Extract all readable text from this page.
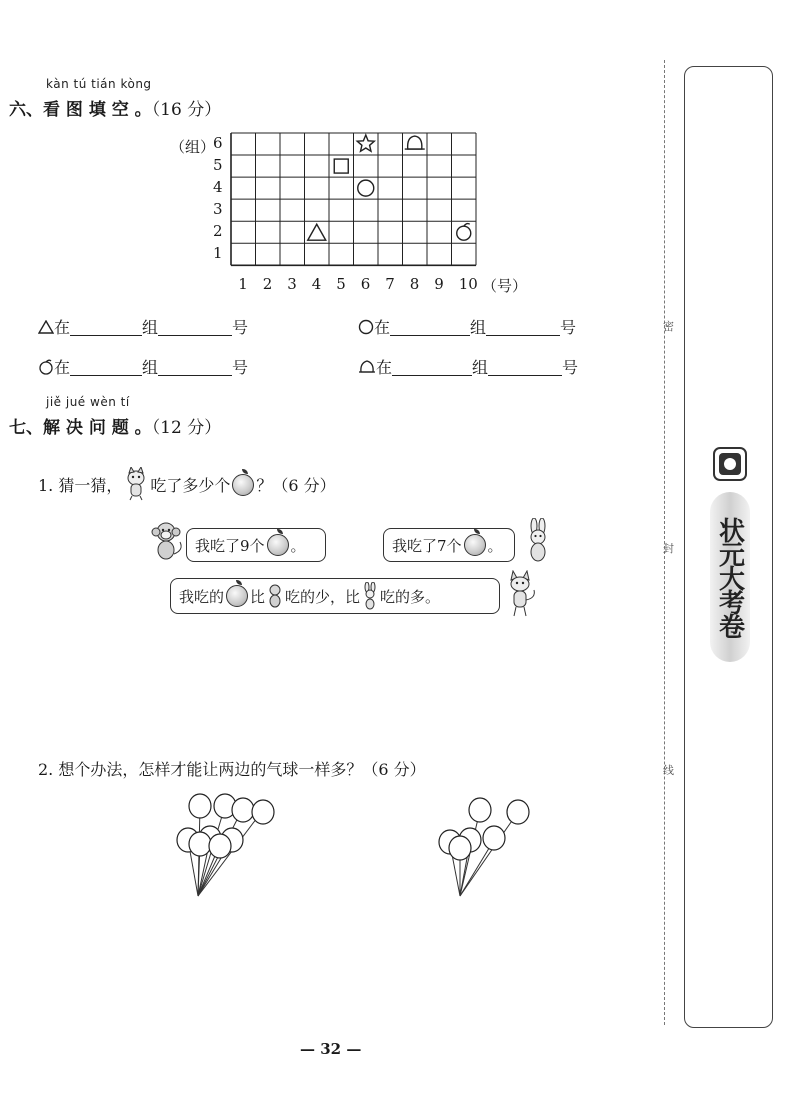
kàn tú tián kòng
六、看 图 填 空 。（16 分）
（组）
6
5
4
3
2
1
1 2 3 4 5 6 7 8 9 10 （号）
在	组	号	在	组	号
在	组	号	在	组	号
jiě jué wèn tí
七、解 决 问 题 。（12 分）
1. 猜一猜， 吃了多少个 ？（6 分）
我吃了9个 。	我吃了7个 。
我吃的 比 吃的少，比 吃的多。
2. 想个办法，怎样才能让两边的气球一样多？（6 分）
— 32 —
密
封
线
状元大考卷
